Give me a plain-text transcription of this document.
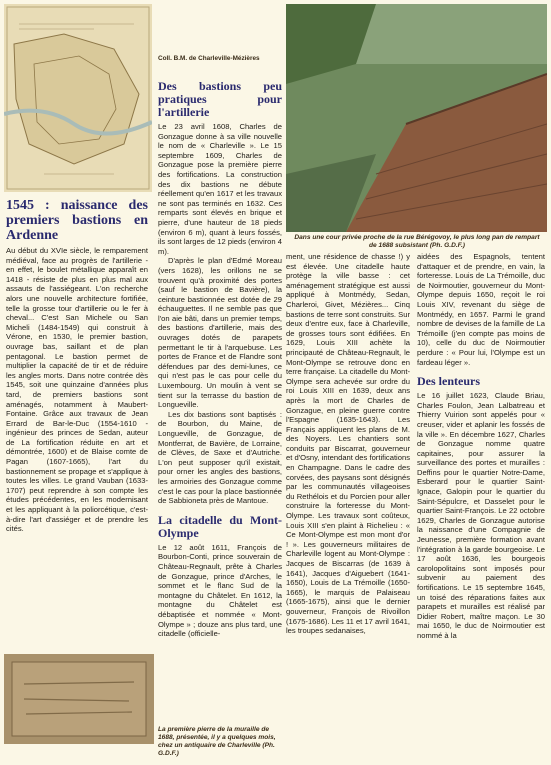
Coll. B.M. de Charleville-Mézières
Dans une cour privée proche de la rue Bérégovoy, le plus long pan de rempart de 1688 subsistant (Ph. G.D.F.)
1545 : naissance des premiers bastions en Ardenne

Au début du XVIe siècle, le remparement médiéval, face au progrès de l'artillerie - en effet, le boulet métallique apparaît en 1418 - résiste de plus en plus mal aux assauts de l'assiégeant. L'on recherche alors une nouvelle architecture fortifiée, telle la grosse tour d'artillerie ou le fer à cheval... C'est San Michele ou San Micheli (1484-1549) qui construit à Vérone, en 1530, le premier bastion, ouvrage bas, saillant et de plan pentagonal. Le bastion permet de multiplier la capacité de tir et de réduire les angles morts. Dans notre contrée dès 1545, soit une quinzaine d'années plus tard, de premiers bastions sont aménagés, notamment à Maubert-Fontaine. Grâce aux travaux de Jean Errard de Bar-le-Duc (1554-1610 - ingénieur des princes de Sedan, auteur de La fortification réduite en art et démontrée, 1600) et de Blaise comte de Pagan (1607-1665), l'art du bastionnement se propage et s'applique à toutes les villes. Le grand Vauban (1633-1707) peut reprendre à son compte les études précédentes, en les modernisant et les appliquant à la poliorcétique, c'est-à-dire l'art d'assiéger et de prendre les cités.

La première pierre de la muraille de 1688, présentée, il y a quelques mois, chez un antiquaire de Charleville (Ph. G.D.F.)
Des bastions peu pratiques pour l'artillerie

Le 23 avril 1608, Charles de Gonzague donne à sa ville nouvelle le nom de « Charleville ». Le 15 septembre 1609, Charles de Gonzague pose la première pierre des fortifications. La construction des dix bastions ne débute réellement qu'en 1617 et les travaux ne sont pas terminés en 1632. Ces remparts sont élevés en brique et pierre, d'une hauteur de 18 pieds (environ 6 m), quant à leurs fossés, ils sont larges de 12 pieds (environ 4 m).

D'après le plan d'Edmé Moreau (vers 1628), les orillons ne se trouvent qu'à proximité des portes (sauf le bastion de Bavière), la ceinture bastionnée est dotée de 29 échauguettes. Il ne semble pas que l'on aie bâti, dans un premier temps, des bastions d'artillerie, mais des ouvrages dotés de parapets permettant le tir à l'arquebuse. Les portes de France et de Flandre sont défendues par des demi-lunes, ce qui n'est pas le cas pour celle du Luxembourg. Un moulin à vent se tient sur la terrasse du bastion de Longueville.

Les dix bastions sont baptisés : de Bourbon, du Maine, de Longueville, de Gonzague, de Montferrat, de Bavière, de Lorraine, de Clèves, de Saxe et d'Autriche. L'on peut supposer qu'il existait, pour orner les angles des bastions, les armoiries des Gonzague comme c'est le cas pour la place bastionnée de Sabbioneta près de Mantoue.

La citadelle du Mont-Olympe

Le 12 août 1611, François de Bourbon-Conti, prince souverain de Château-Regnault, prête à Charles de Gonzague, prince d'Arches, le sommet et le flanc Sud de la montagne du Châtelet. En 1612, la montagne du Châtelet est débaptisée et nommée « Mont-Olympe » ; douze ans plus tard, une citadelle (officielle-

ment, une résidence de chasse !) y est élevée. Une citadelle haute protège la ville basse : cet aménagement stratégique est aussi appliqué à Montmédy, Sedan, Charleroi, Givet, Mézières... Cinq bastions de terre sont construits. Sur deux d'entre eux, face à Charleville, de grosses tours sont édifiées. En 1629, Louis XIII achète la principauté de Château-Regnault, le Mont-Olympe se retrouve donc en terre française. La citadelle du Mont-Olympe sera achevée sur ordre du roi Louis XIII en 1639, deux ans après la mort de Charles de Gonzague, en pleine guerre contre l'Espagne (1635-1643). Les Français appliquent les plans de M. des Noyers. Les chantiers sont conduits par Biscarrat, gouverneur et d'Osny, intendant des fortifications en Champagne. Dans le cadre des corvées, des paysans sont désignés par les communautés villageoises du Rethélois et du Porcien pour aller construire la forteresse du Mont-Olympe. Les travaux sont coûteux, Louis XIII s'en plaint à Richelieu : « Ce Mont-Olympe est mon mont d'or ! ». Les gouverneurs militaires de Charleville logent au Mont-Olympe : Jacques de Biscarras (de 1639 à 1641), Jacques d'Aiguebert (1641-1650), Louis de La Trémoille (1650-1665), le marquis de Palaiseau (1665-1675), ainsi que le dernier gouverneur, François de Rivoillon (1675-1686). Les 11 et 17 avril 1641, les troupes sedanaises,

aidées des Espagnols, tentent d'attaquer et de prendre, en vain, la forteresse. Louis de La Trémoille, duc de Noirmoutier, gouverneur du Mont-Olympe depuis 1650, reçoit le roi Louis XIV, revenant du siège de Montmédy, en 1657. Parmi le grand nombre de devises de la famille de La Trémoille (j'en compte pas moins de 10), celle du duc de Noirmoutier perdure : « Pour lui, l'Olympe est un fardeau léger ».

Des lenteurs

Le 16 juillet 1623, Claude Briau, Charles Foulon, Jean Lalbatreau et Thierry Vuirion sont appelés pour « creuser, vider et aplanir les fossés de la ville ». En décembre 1627, Charles de Gonzague nomme quatre capitaines, pour assurer la surveillance des portes et murailles : Deffins pour le quartier Notre-Dame, Esberard pour le quartier Saint-Ignace, Galopin pour le quartier du Saint-Sépulcre, et Dasselet pour le quartier Saint-François. Le 22 octobre 1629, Charles de Gonzague autorise la naissance d'une Compagnie de Jeunesse, première formation avant l'intégration à la garde bourgeoise. Le 17 août 1636, les bourgeois carolopolitains sont imposés pour subvenir au paiement des fortifications. Le 15 septembre 1645, un toisé des réparations faites aux parapets et murailles est réalisé par Didier Robert, maître maçon. Le 30 mai 1650, le duc de Noirmoutier est nommé à la
